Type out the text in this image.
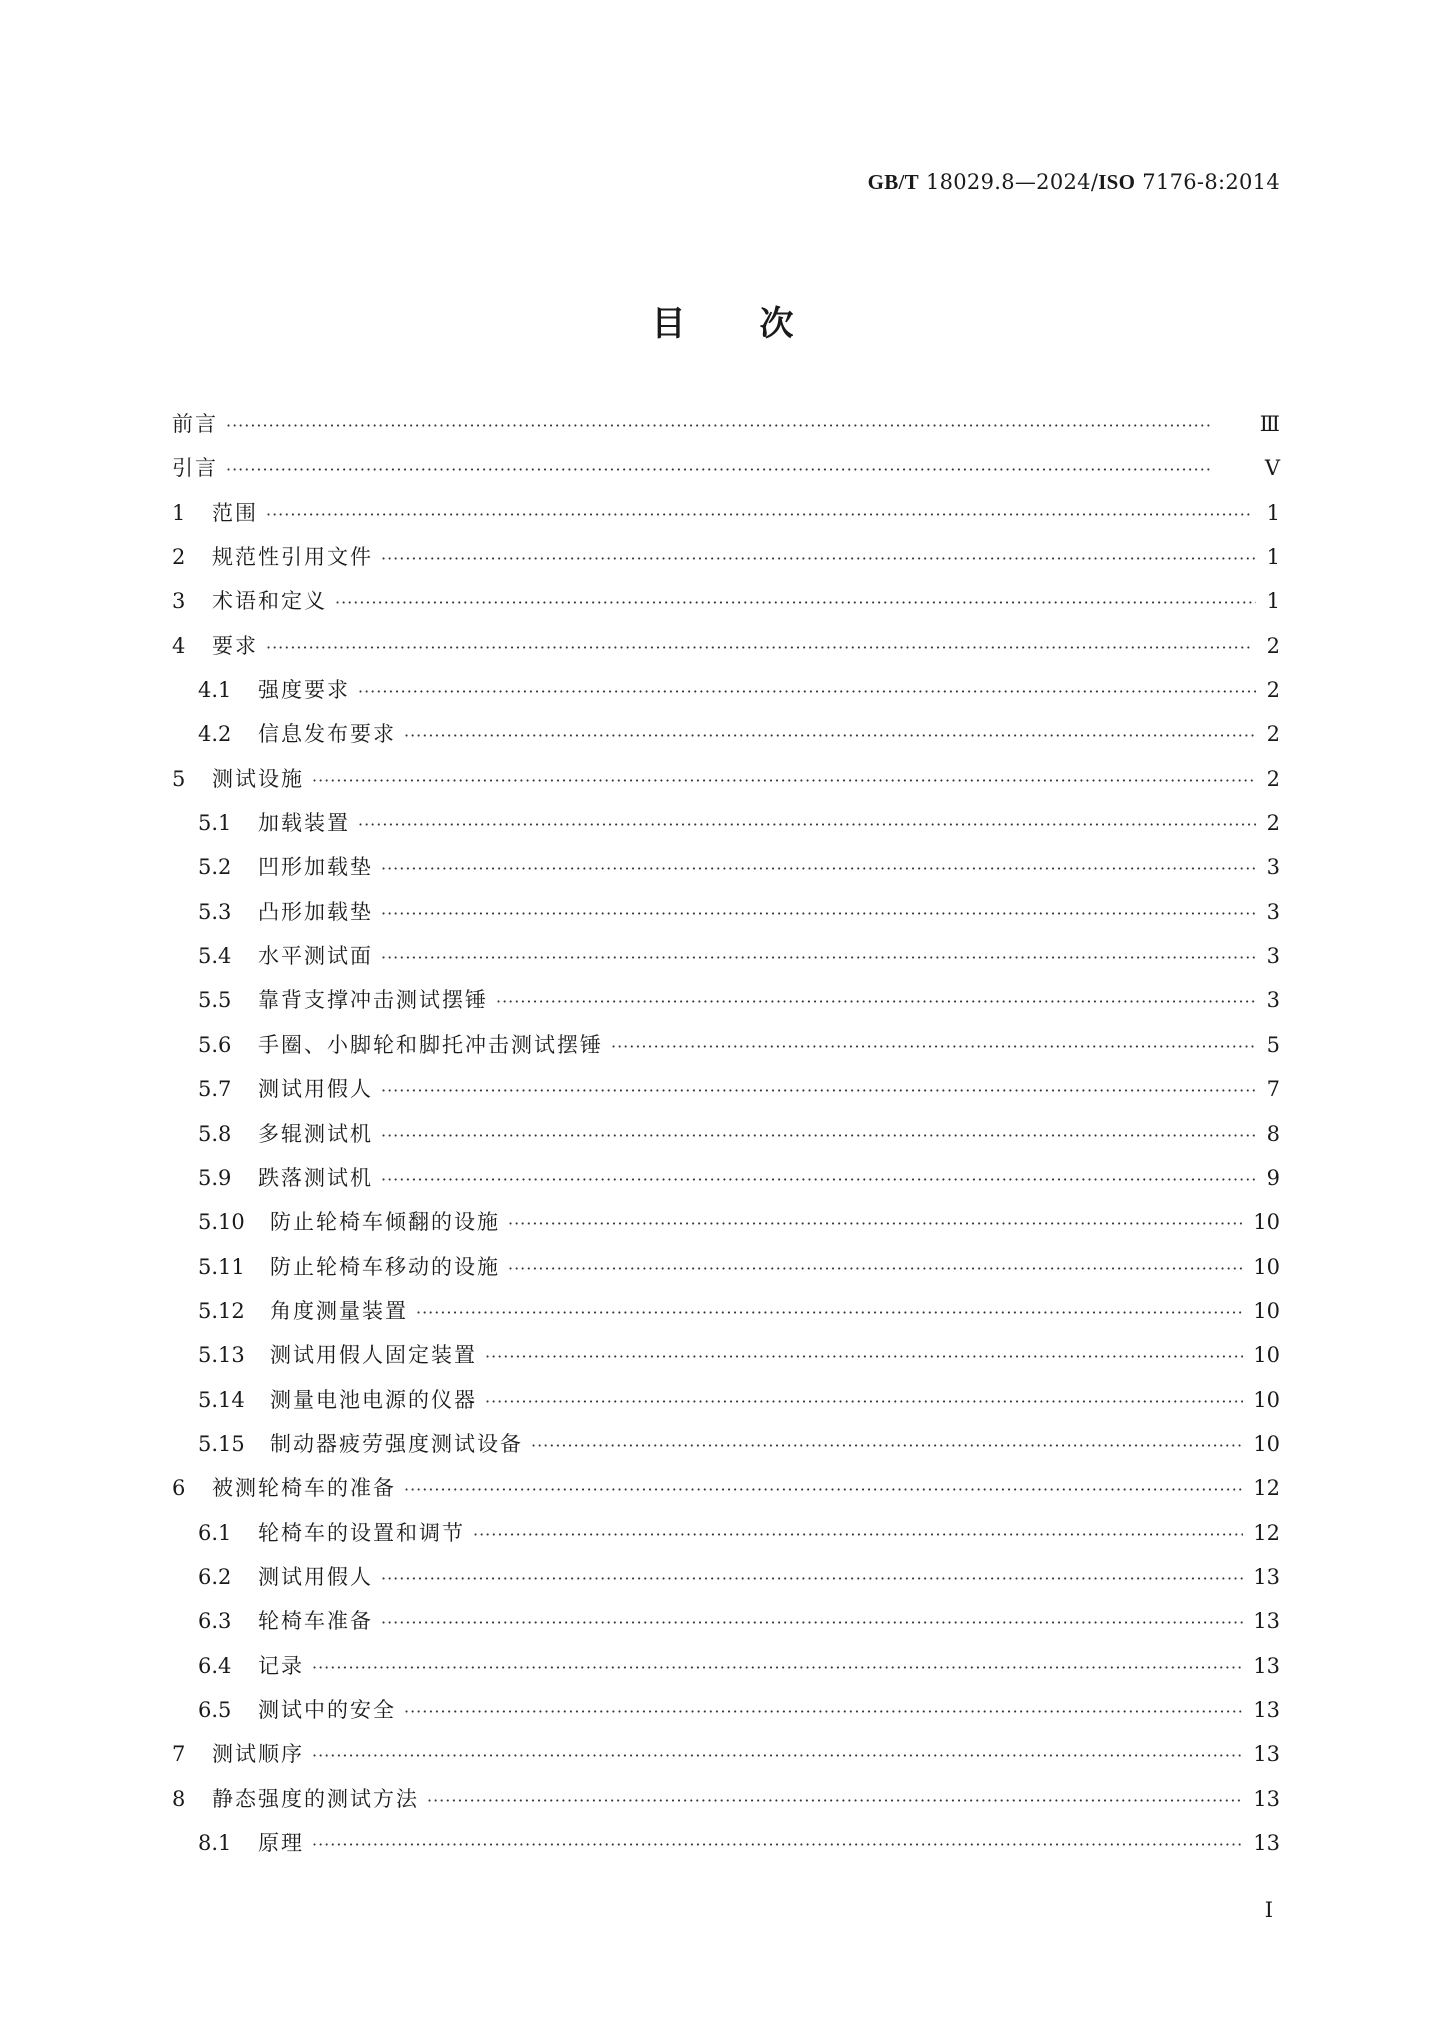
GB/T 18029.8—2024/ISO 7176-8:2014
目次
前言 ·····	Ⅲ
引言 ·····	Ⅴ
1	范围 ·····	1
2	规范性引用文件 ·····	1
3	术语和定义 ·····	1
4	要求 ·····	2
4.1	强度要求 ·····	2
4.2	信息发布要求 ·····	2
5	测试设施 ·····	2
5.1	加载装置 ·····	2
5.2	凹形加载垫 ·····	3
5.3	凸形加载垫 ·····	3
5.4	水平测试面 ·····	3
5.5	靠背支撑冲击测试摆锤 ·····	3
5.6	手圈、小脚轮和脚托冲击测试摆锤 ·····	5
5.7	测试用假人 ·····	7
5.8	多辊测试机 ·····	8
5.9	跌落测试机 ·····	9
5.10	防止轮椅车倾翻的设施 ·····	10
5.11	防止轮椅车移动的设施 ·····	10
5.12	角度测量装置 ·····	10
5.13	测试用假人固定装置 ·····	10
5.14	测量电池电源的仪器 ·····	10
5.15	制动器疲劳强度测试设备 ·····	10
6	被测轮椅车的准备 ·····	12
6.1	轮椅车的设置和调节 ·····	12
6.2	测试用假人 ·····	13
6.3	轮椅车准备 ·····	13
6.4	记录 ·····	13
6.5	测试中的安全 ·····	13
7	测试顺序 ·····	13
8	静态强度的测试方法 ·····	13
8.1	原理 ·····	13
Ⅰ
